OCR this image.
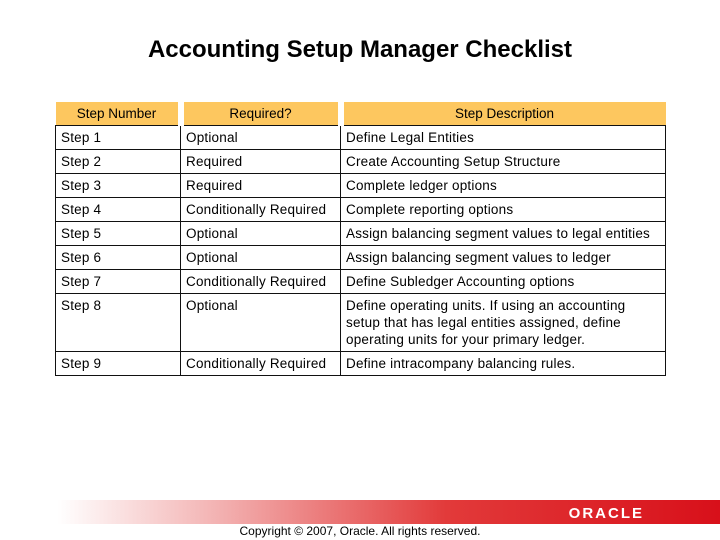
Accounting Setup Manager Checklist
Step Number	Required?	Step Description
Step 1	Optional	Define Legal Entities
Step 2	Required	Create Accounting Setup Structure
Step 3	Required	Complete ledger options
Step 4	Conditionally Required	Complete reporting options
Step 5	Optional	Assign balancing segment values to legal entities
Step 6	Optional	Assign balancing segment values to ledger
Step 7	Conditionally Required	Define Subledger Accounting options
Step 8	Optional	Define operating units. If using an accounting setup that has legal entities assigned, define operating units for your primary ledger.
Step 9	Conditionally Required	Define intracompany balancing rules.
ORACLE
Copyright © 2007, Oracle. All rights reserved.
